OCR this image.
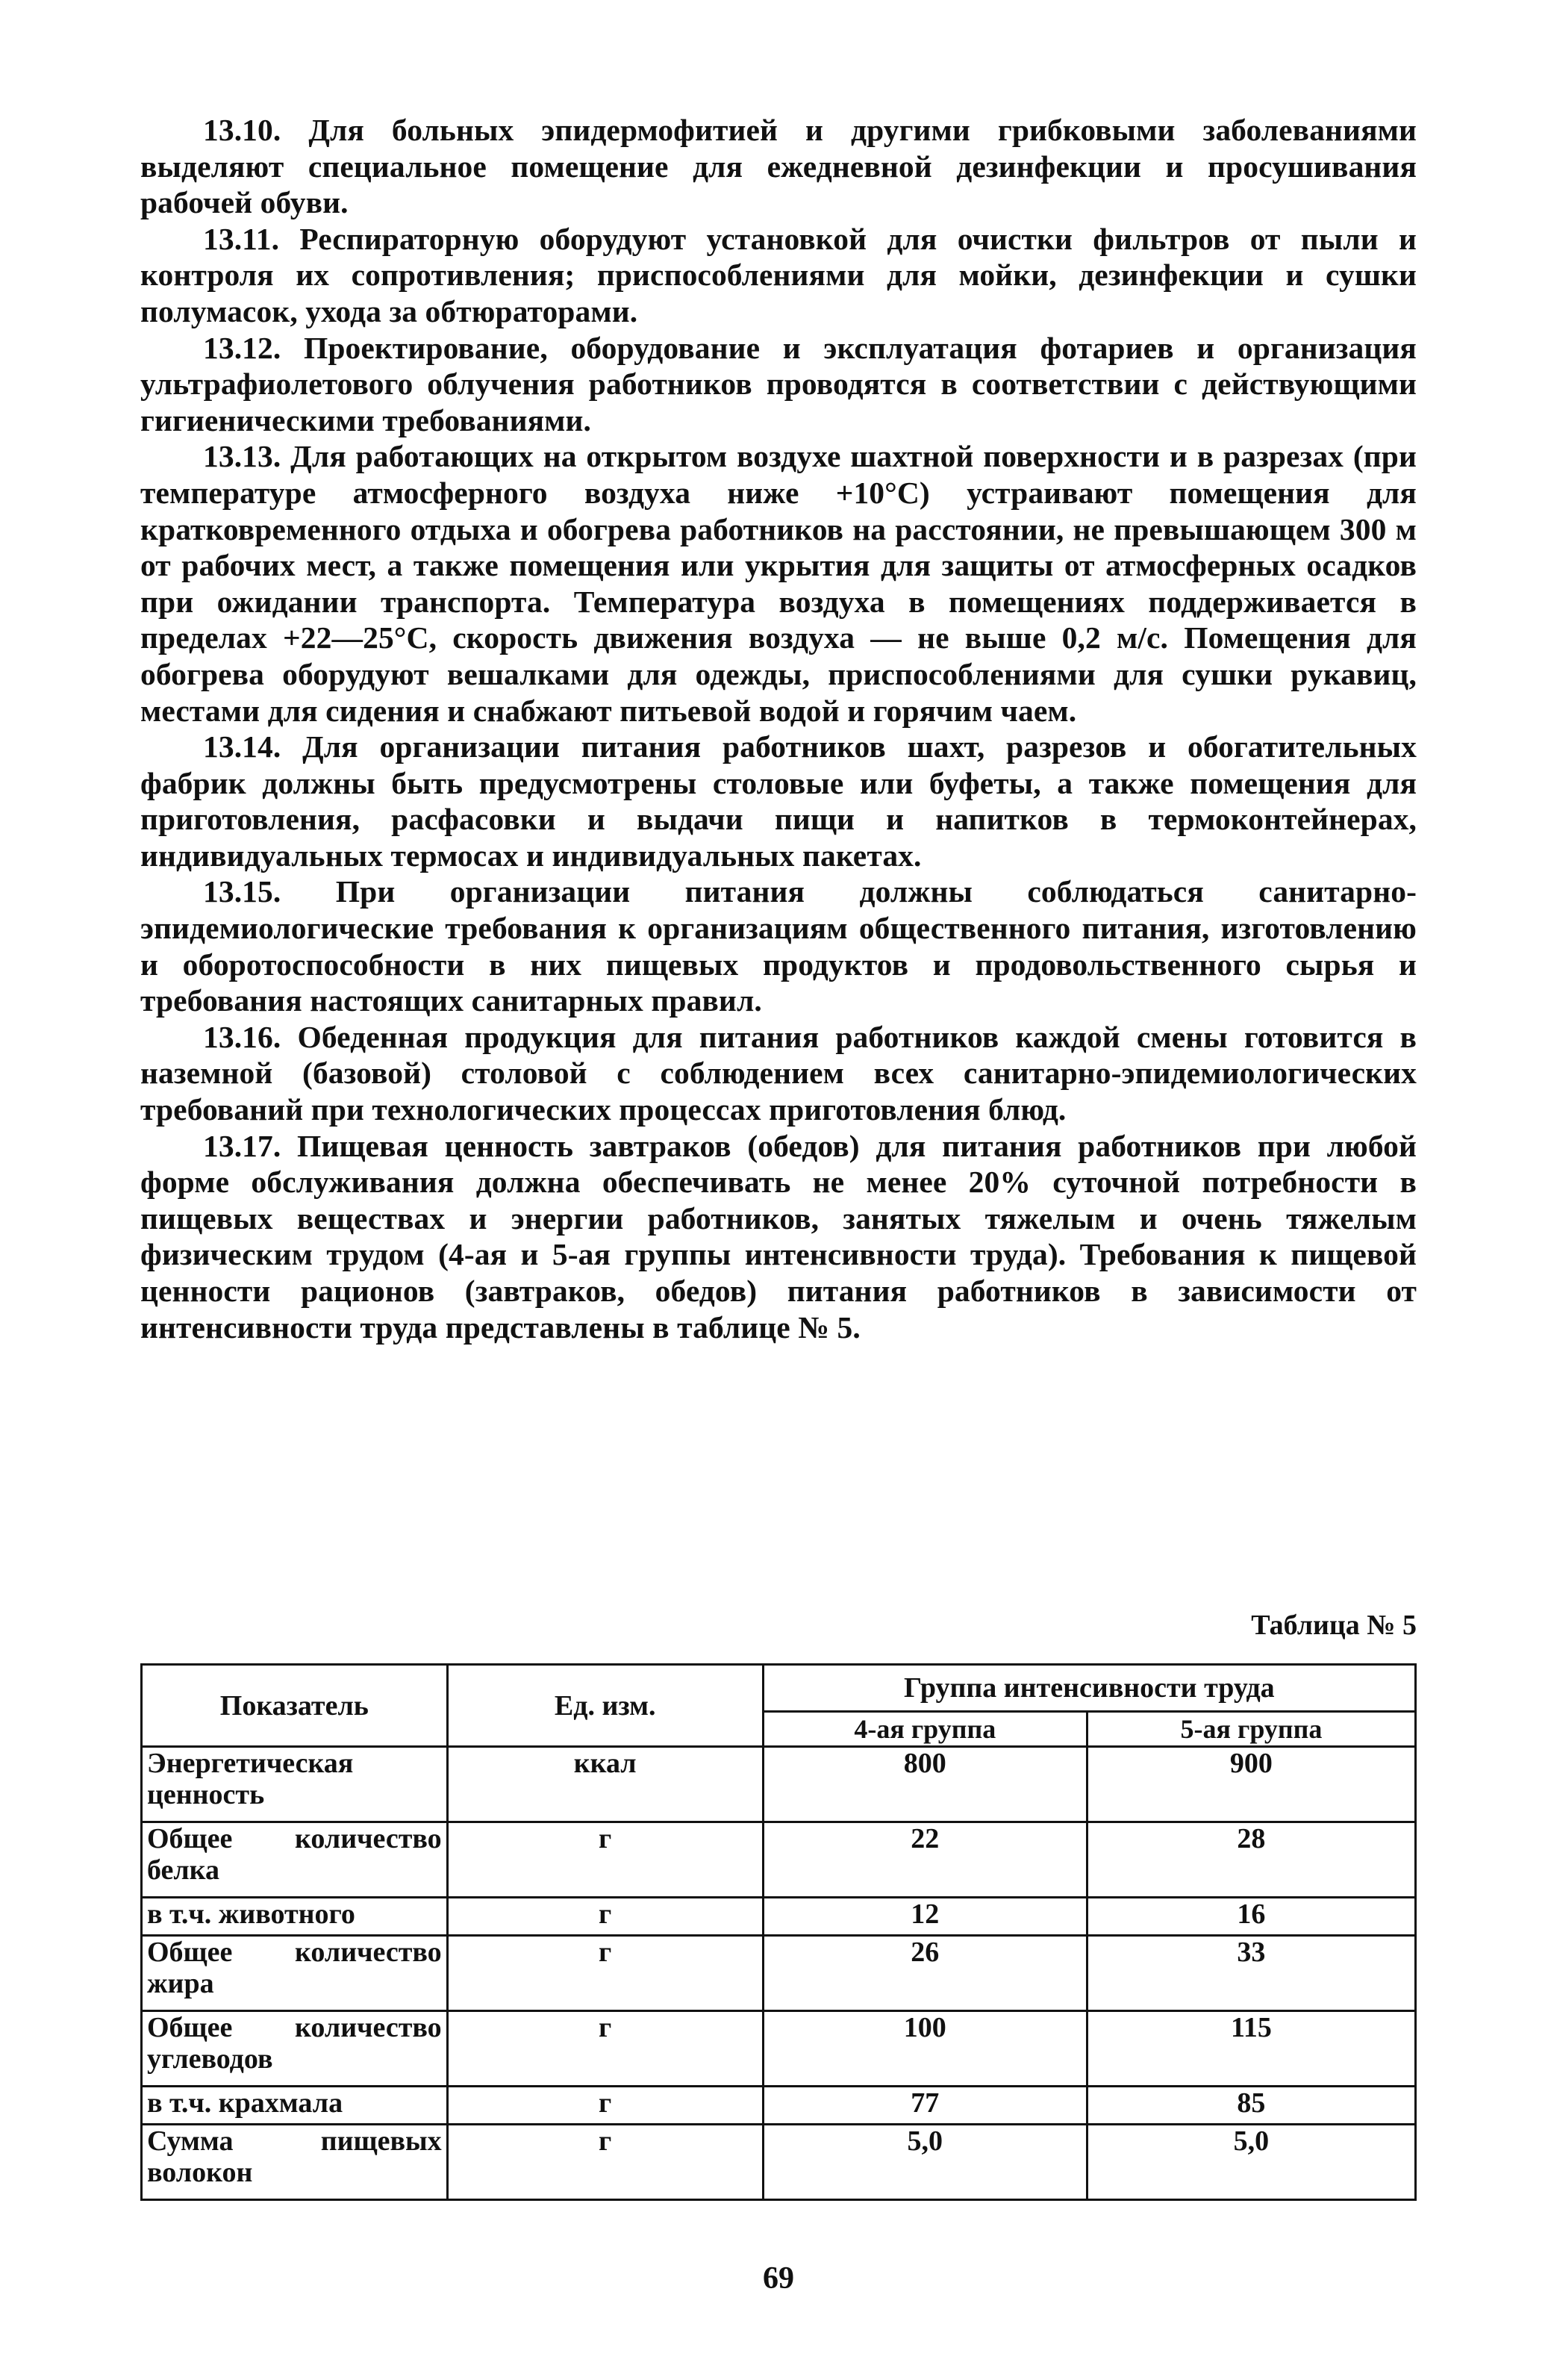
13.10. Для больных эпидермофитией и другими грибковыми заболеваниями выделяют специальное помещение для ежедневной дезинфекции и просушивания рабочей обуви.

13.11. Респираторную оборудуют установкой для очистки фильтров от пыли и контроля их сопротивления; приспособлениями для мойки, дезинфекции и сушки полумасок, ухода за обтюраторами.

13.12. Проектирование, оборудование и эксплуатация фотариев и организация ультрафиолетового облучения работников проводятся в соответствии с действующими гигиеническими требованиями.

13.13. Для работающих на открытом воздухе шахтной поверхности и в разрезах (при температуре атмосферного воздуха ниже +10°С) устраивают помещения для кратковременного отдыха и обогрева работников на расстоянии, не превышающем 300 м от рабочих мест, а также помещения или укрытия для защиты от атмосферных осадков при ожидании транспорта. Температура воздуха в помещениях поддерживается в пределах +22—25°С, скорость движения воздуха — не выше 0,2 м/с. Помещения для обогрева оборудуют вешалками для одежды, приспособлениями для сушки рукавиц, местами для сидения и снабжают питьевой водой и горячим чаем.

13.14. Для организации питания работников шахт, разрезов и обогатительных фабрик должны быть предусмотрены столовые или буфеты, а также помещения для приготовления, расфасовки и выдачи пищи и напитков в термоконтейнерах, индивидуальных термосах и индивидуальных пакетах.

13.15. При организации питания должны соблюдаться санитарно-эпидемиологические требования к организациям общественного питания, изготовлению и оборотоспособности в них пищевых продуктов и продовольственного сырья и требования настоящих санитарных правил.

13.16. Обеденная продукция для питания работников каждой смены готовится в наземной (базовой) столовой с соблюдением всех санитарно-эпидемиологических требований при технологических процессах приготовления блюд.

13.17. Пищевая ценность завтраков (обедов) для питания работников при любой форме обслуживания должна обеспечивать не менее 20% суточной потребности в пищевых веществах и энергии работников, занятых тяжелым и очень тяжелым физическим трудом (4-ая и 5-ая группы интенсивности труда). Требования к пищевой ценности рационов (завтраков, обедов) питания работников в зависимости от интенсивности труда представлены в таблице № 5.

Таблица № 5
Показатель	Ед. изм.	Группа интенсивности труда	
		4-ая группа	5-ая группа
Энергетическая ценность	ккал	800	900
Общее количество белка	г	22	28
в т.ч. животного	г	12	16
Общее количество жира	г	26	33
Общее количество углеводов	г	100	115
в т.ч. крахмала	г	77	85
Сумма пищевых волокон	г	5,0	5,0
69
